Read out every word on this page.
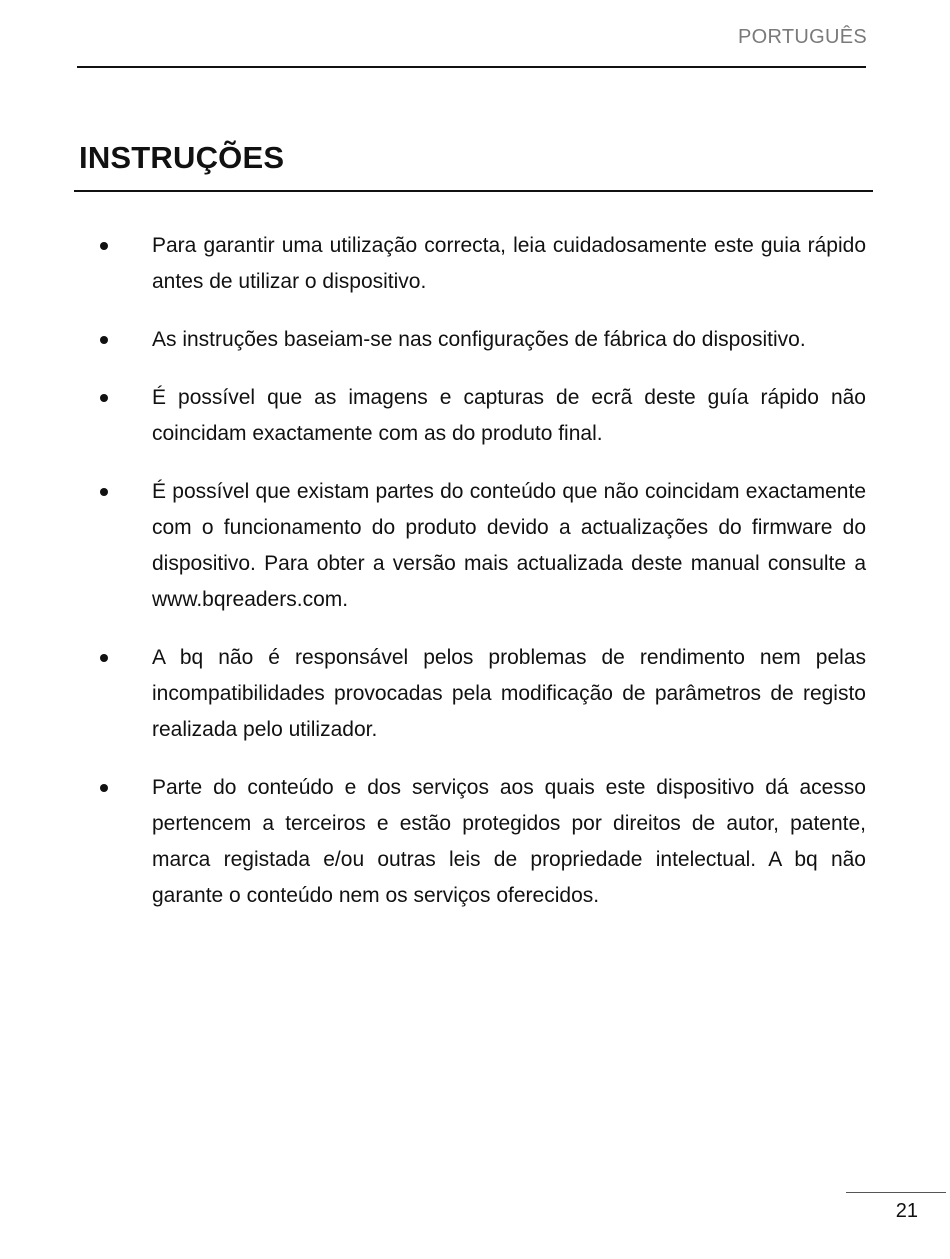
PORTUGUÊS
INSTRUÇÕES
Para garantir uma utilização correcta, leia cuidadosamente este guia rápido antes de utilizar o dispositivo.
As instruções baseiam-se nas configurações de fábrica do dispositivo.
É possível que as imagens e capturas de ecrã deste guía rápido não coincidam exactamente com as do produto final.
É possível que existam partes do conteúdo que não coincidam exactamente com o funcionamento do produto devido a actualizações do firmware do dispositivo. Para obter a versão mais actualizada deste manual consulte a www.bqreaders.com.
A bq não é responsável pelos problemas de rendimento nem pelas incompatibilidades provocadas pela modificação de parâmetros de registo realizada pelo utilizador.
Parte do conteúdo e dos serviços aos quais este dispositivo dá acesso pertencem a terceiros e estão protegidos por direitos de autor, patente, marca registada e/ou outras leis de propriedade intelectual. A bq não garante o conteúdo nem os serviços oferecidos.
21
